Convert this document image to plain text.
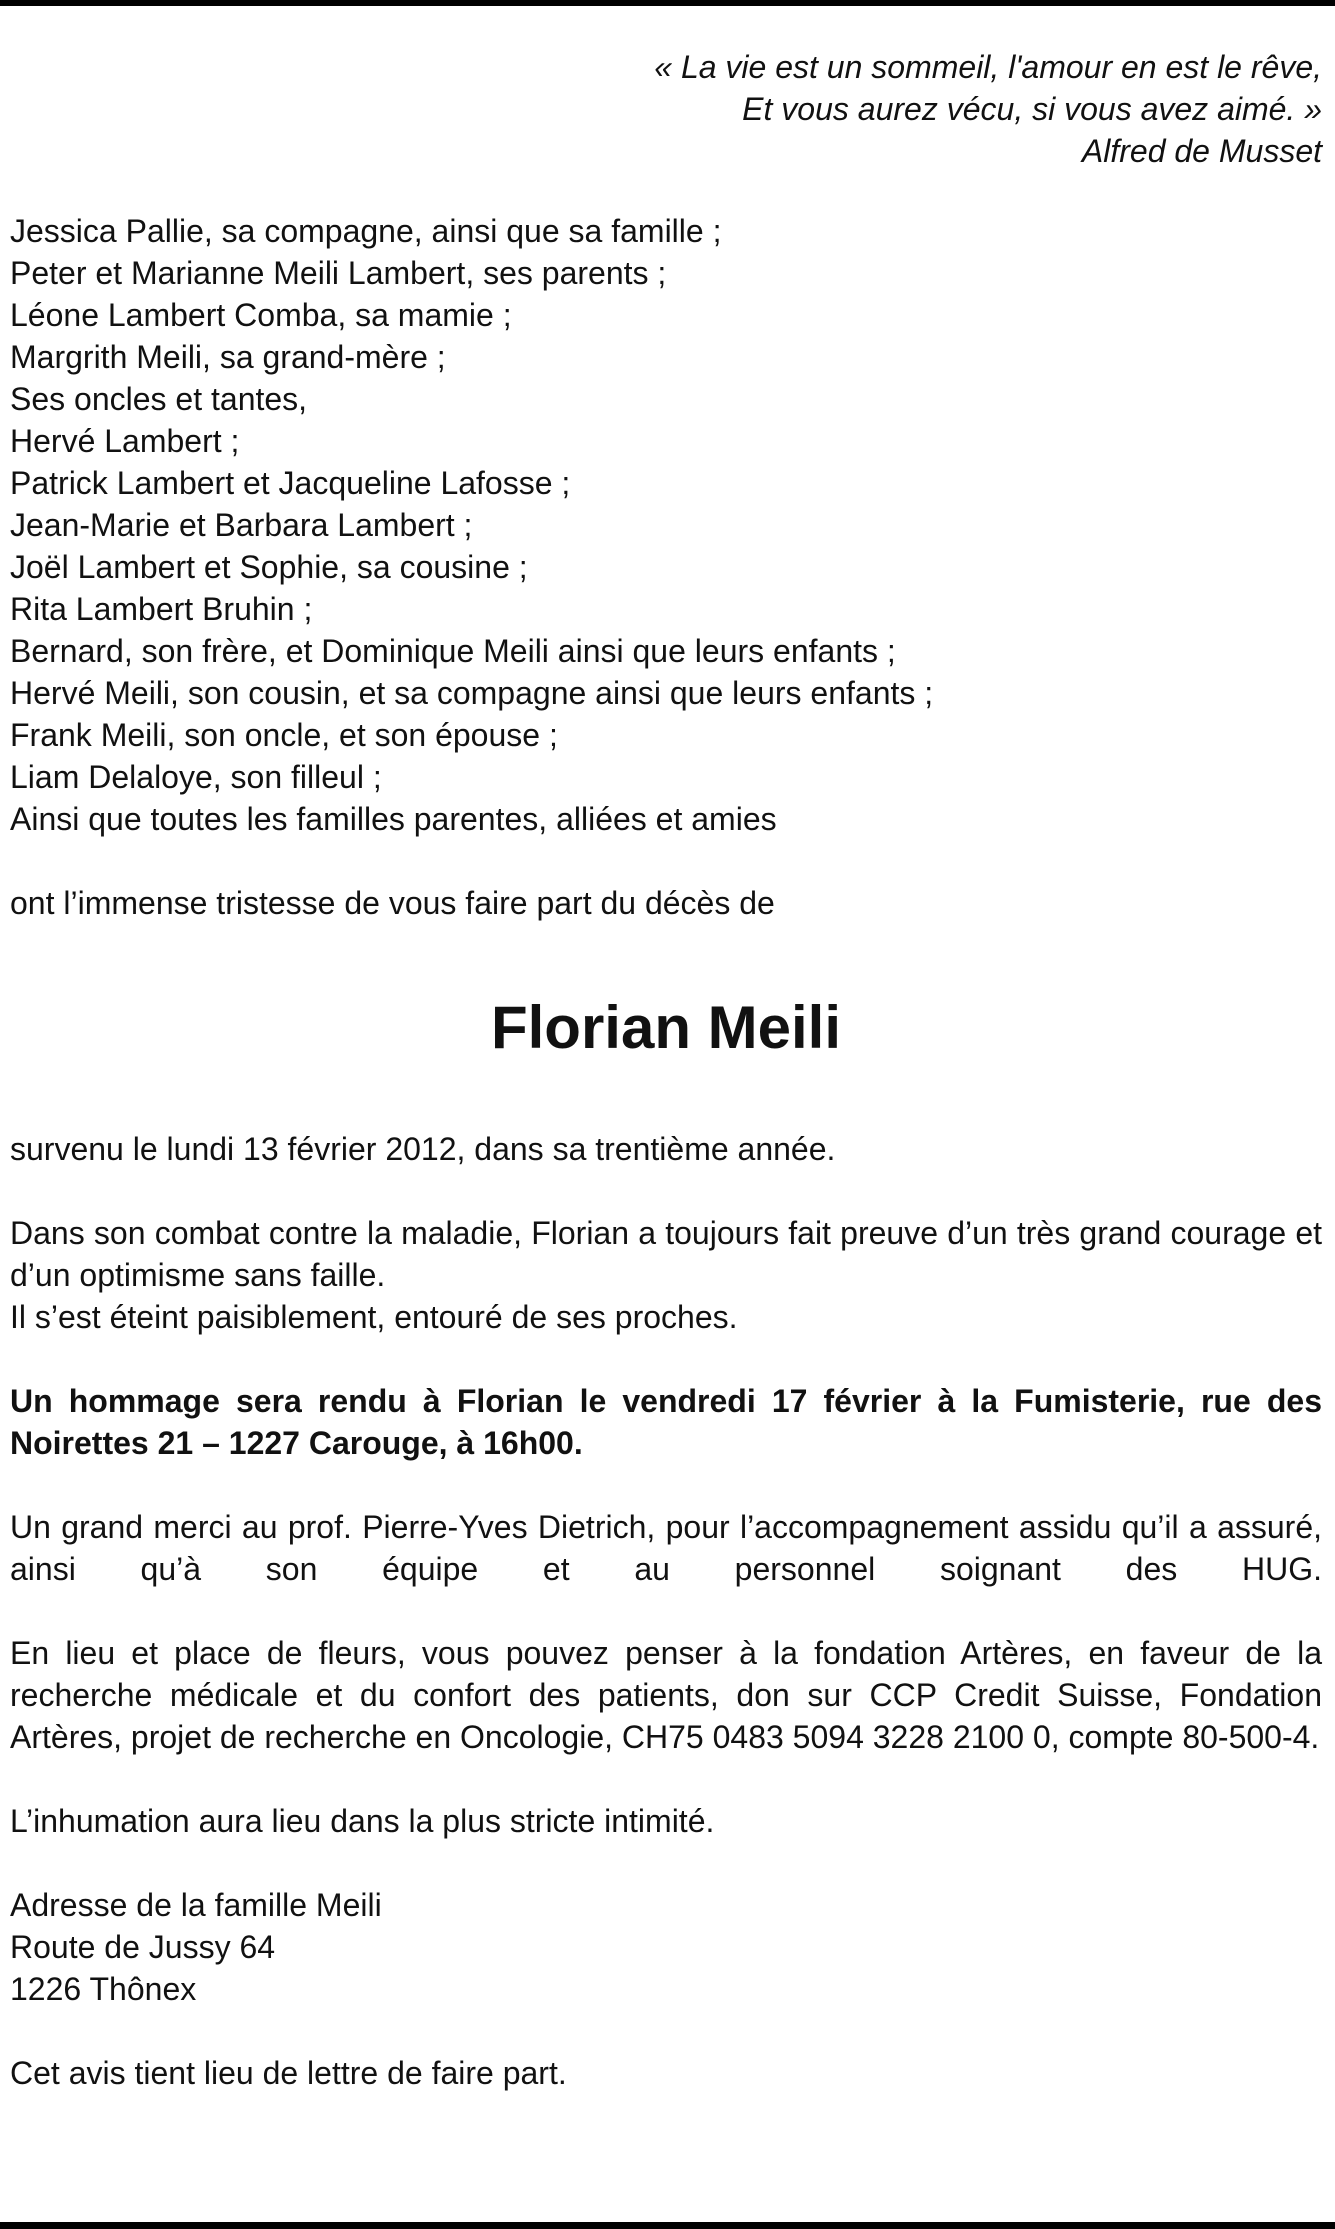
« La vie est un sommeil, l'amour en est le rêve,
Et vous aurez vécu, si vous avez aimé. »
Alfred de Musset
Jessica Pallie, sa compagne, ainsi que sa famille ;
Peter et Marianne Meili Lambert, ses parents ;
Léone Lambert Comba, sa mamie ;
Margrith Meili, sa grand-mère ;
Ses oncles et tantes,
Hervé Lambert ;
Patrick Lambert et Jacqueline Lafosse ;
Jean-Marie et Barbara Lambert ;
Joël Lambert et Sophie, sa cousine ;
Rita Lambert Bruhin ;
Bernard, son frère, et Dominique Meili ainsi que leurs enfants ;
Hervé Meili, son cousin, et sa compagne ainsi que leurs enfants ;
Frank Meili, son oncle, et son épouse ;
Liam Delaloye, son filleul ;
Ainsi que toutes les familles parentes, alliées et amies
ont l’immense tristesse de vous faire part du décès de
Florian Meili
survenu le lundi 13 février 2012, dans sa trentième année.
Dans son combat contre la maladie, Florian a toujours fait preuve d’un très grand courage et d’un optimisme sans faille.
Il s’est éteint paisiblement, entouré de ses proches.
Un hommage sera rendu à Florian le vendredi 17 février à la Fumisterie, rue des Noirettes 21 – 1227 Carouge, à 16h00.
Un grand merci au prof. Pierre-Yves Dietrich, pour l’accompagnement assidu qu’il a assuré, ainsi qu’à son équipe et au personnel soignant des HUG.
En lieu et place de fleurs, vous pouvez penser à la fondation Artères, en faveur de la recherche médicale et du confort des patients, don sur CCP Credit Suisse, Fondation Artères, projet de recherche en Oncologie, CH75 0483 5094 3228 2100 0, compte 80-500-4.
L’inhumation aura lieu dans la plus stricte intimité.
Adresse de la famille Meili
Route de Jussy 64
1226 Thônex
Cet avis tient lieu de lettre de faire part.
